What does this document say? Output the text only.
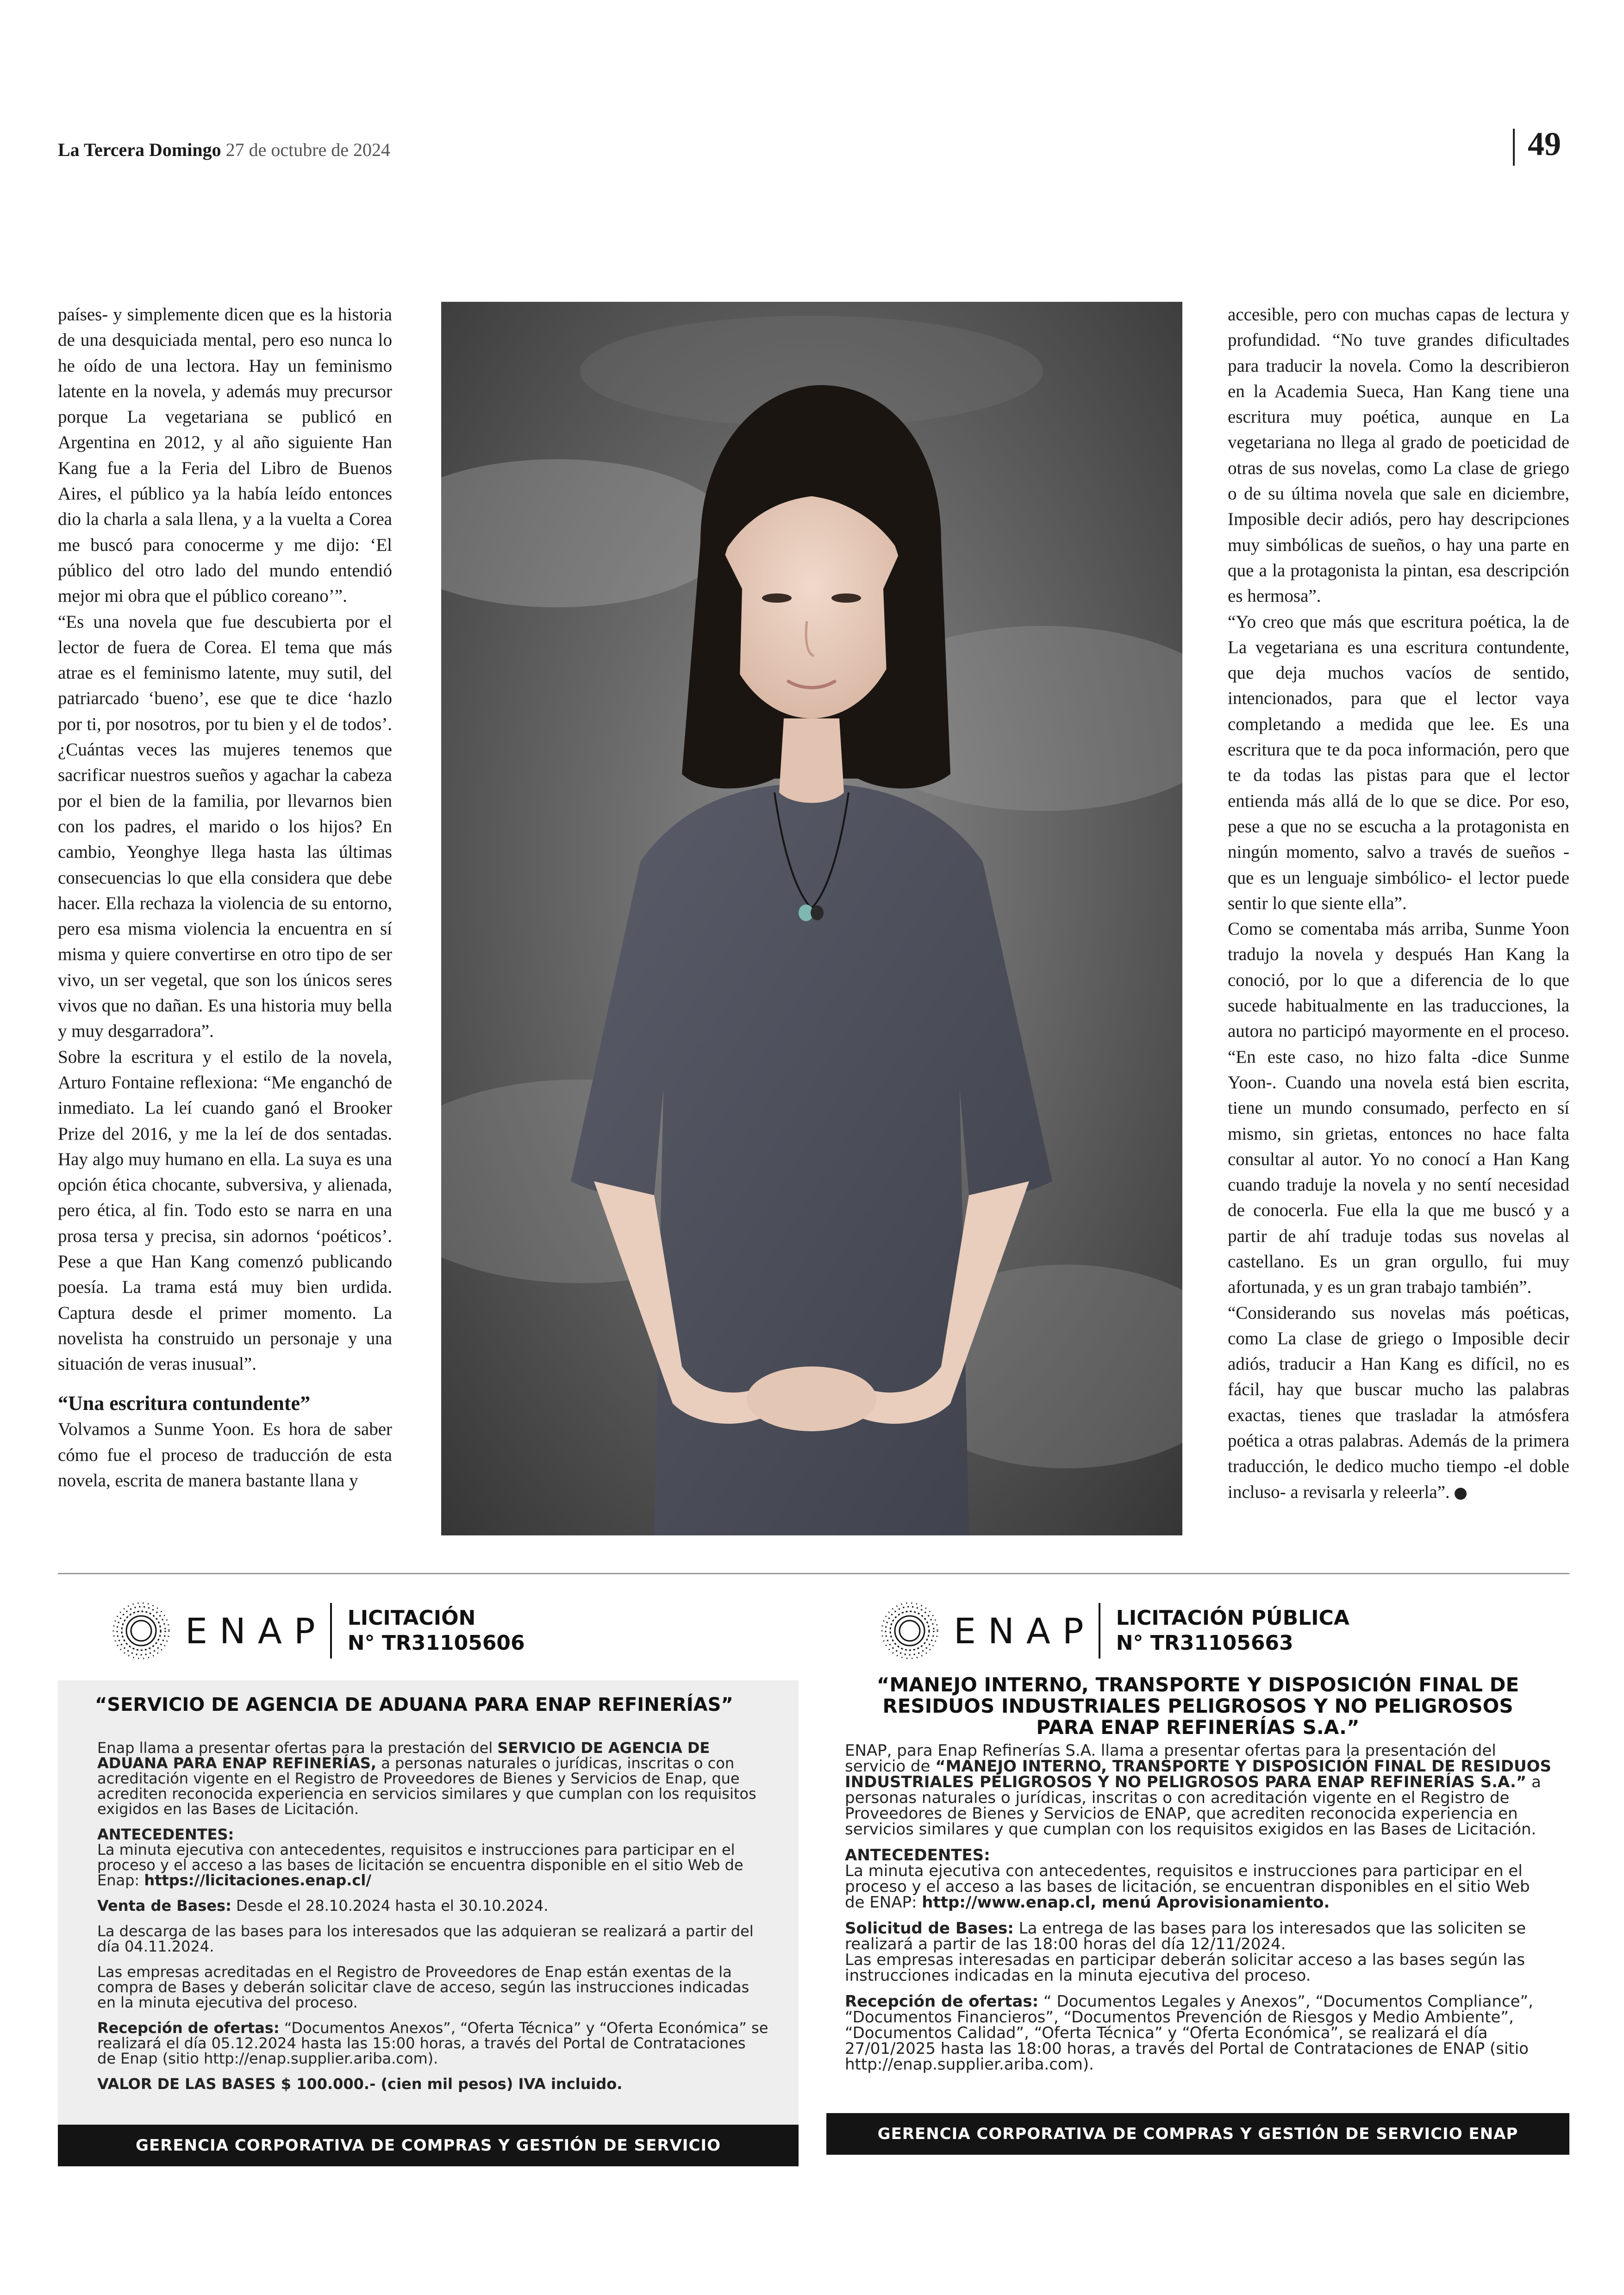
La Tercera Domingo 27 de octubre de 2024	49

países- y simplemente dicen que es la historia de una desquiciada mental, pero eso nunca lo he oído de una lectora. Hay un feminismo latente en la novela, y además muy precursor porque La vegetariana se publicó en Argentina en 2012, y al año siguiente Han Kang fue a la Feria del Libro de Buenos Aires, el público ya la había leído entonces dio la charla a sala llena, y a la vuelta a Corea me buscó para conocerme y me dijo: ‘El público del otro lado del mundo entendió mejor mi obra que el público coreano’”.

“Es una novela que fue descubierta por el lector de fuera de Corea. El tema que más atrae es el feminismo latente, muy sutil, del patriarcado ‘bueno’, ese que te dice ‘hazlo por ti, por nosotros, por tu bien y el de todos’. ¿Cuántas veces las mujeres tenemos que sacrificar nuestros sueños y agachar la cabeza por el bien de la familia, por llevarnos bien con los padres, el marido o los hijos? En cambio, Yeonghye llega hasta las últimas consecuencias lo que ella considera que debe hacer. Ella rechaza la violencia de su entorno, pero esa misma violencia la encuentra en sí misma y quiere convertirse en otro tipo de ser vivo, un ser vegetal, que son los únicos seres vivos que no dañan. Es una historia muy bella y muy desgarradora”.

Sobre la escritura y el estilo de la novela, Arturo Fontaine reflexiona: “Me enganchó de inmediato. La leí cuando ganó el Brooker Prize del 2016, y me la leí de dos sentadas. Hay algo muy humano en ella. La suya es una opción ética chocante, subversiva, y alienada, pero ética, al fin. Todo esto se narra en una prosa tersa y precisa, sin adornos ‘poéticos’. Pese a que Han Kang comenzó publicando poesía. La trama está muy bien urdida. Captura desde el primer momento. La novelista ha construido un personaje y una situación de veras inusual”.

“Una escritura contundente”

Volvamos a Sunme Yoon. Es hora de saber cómo fue el proceso de traducción de esta novela, escrita de manera bastante llana y

accesible, pero con muchas capas de lectura y profundidad. “No tuve grandes dificultades para traducir la novela. Como la describieron en la Academia Sueca, Han Kang tiene una escritura muy poética, aunque en La vegetariana no llega al grado de poeticidad de otras de sus novelas, como La clase de griego o de su última novela que sale en diciembre, Imposible decir adiós, pero hay descripciones muy simbólicas de sueños, o hay una parte en que a la protagonista la pintan, esa descripción es hermosa”.

“Yo creo que más que escritura poética, la de La vegetariana es una escritura contundente, que deja muchos vacíos de sentido, intencionados, para que el lector vaya completando a medida que lee. Es una escritura que te da poca información, pero que te da todas las pistas para que el lector entienda más allá de lo que se dice. Por eso, pese a que no se escucha a la protagonista en ningún momento, salvo a través de sueños -que es un lenguaje simbólico- el lector puede sentir lo que siente ella”.

Como se comentaba más arriba, Sunme Yoon tradujo la novela y después Han Kang la conoció, por lo que a diferencia de lo que sucede habitualmente en las traducciones, la autora no participó mayormente en el proceso. “En este caso, no hizo falta -dice Sunme Yoon-. Cuando una novela está bien escrita, tiene un mundo consumado, perfecto en sí mismo, sin grietas, entonces no hace falta consultar al autor. Yo no conocí a Han Kang cuando traduje la novela y no sentí necesidad de conocerla. Fue ella la que me buscó y a partir de ahí traduje todas sus novelas al castellano. Es un gran orgullo, fui muy afortunada, y es un gran trabajo también”.

“Considerando sus novelas más poéticas, como La clase de griego o Imposible decir adiós, traducir a Han Kang es difícil, no es fácil, hay que buscar mucho las palabras exactas, tienes que trasladar la atmósfera poética a otras palabras. Además de la primera traducción, le dedico mucho tiempo -el doble incluso- a revisarla y releerla”.

ENAP LICITACIÓN
N° TR31105606
“SERVICIO DE AGENCIA DE ADUANA PARA ENAP REFINERÍAS”

Enap llama a presentar ofertas para la prestación del SERVICIO DE AGENCIA DE ADUANA PARA ENAP REFINERÍAS, a personas naturales o jurídicas, inscritas o con acreditación vigente en el Registro de Proveedores de Bienes y Servicios de Enap, que acrediten reconocida experiencia en servicios similares y que cumplan con los requisitos exigidos en las Bases de Licitación.

ANTECEDENTES:
La minuta ejecutiva con antecedentes, requisitos e instrucciones para participar en el proceso y el acceso a las bases de licitación se encuentra disponible en el sitio Web de Enap: https://licitaciones.enap.cl/

Venta de Bases: Desde el 28.10.2024 hasta el 30.10.2024.

La descarga de las bases para los interesados que las adquieran se realizará a partir del día 04.11.2024.

Las empresas acreditadas en el Registro de Proveedores de Enap están exentas de la compra de Bases y deberán solicitar clave de acceso, según las instrucciones indicadas en la minuta ejecutiva del proceso.

Recepción de ofertas: “Documentos Anexos”, “Oferta Técnica” y “Oferta Económica” se realizará el día 05.12.2024 hasta las 15:00 horas, a través del Portal de Contrataciones de Enap (sitio http://enap.supplier.ariba.com).

VALOR DE LAS BASES $ 100.000.- (cien mil pesos) IVA incluido.

GERENCIA CORPORATIVA DE COMPRAS Y GESTIÓN DE SERVICIO
ENAP LICITACIÓN PÚBLICA
N° TR31105663
“MANEJO INTERNO, TRANSPORTE Y DISPOSICIÓN FINAL DE RESIDUOS INDUSTRIALES PELIGROSOS Y NO PELIGROSOS PARA ENAP REFINERÍAS S.A.”

ENAP, para Enap Refinerías S.A. llama a presentar ofertas para la presentación del servicio de “MANEJO INTERNO, TRANSPORTE Y DISPOSICIÓN FINAL DE RESIDUOS INDUSTRIALES PELIGROSOS Y NO PELIGROSOS PARA ENAP REFINERÍAS S.A.” a personas naturales o jurídicas, inscritas o con acreditación vigente en el Registro de Proveedores de Bienes y Servicios de ENAP, que acrediten reconocida experiencia en servicios similares y que cumplan con los requisitos exigidos en las Bases de Licitación.

ANTECEDENTES:
La minuta ejecutiva con antecedentes, requisitos e instrucciones para participar en el proceso y el acceso a las bases de licitación, se encuentran disponibles en el sitio Web de ENAP: http://www.enap.cl, menú Aprovisionamiento.

Solicitud de Bases: La entrega de las bases para los interesados que las soliciten se realizará a partir de las 18:00 horas del día 12/11/2024.
Las empresas interesadas en participar deberán solicitar acceso a las bases según las instrucciones indicadas en la minuta ejecutiva del proceso.

Recepción de ofertas: “ Documentos Legales y Anexos”, “Documentos Compliance”, “Documentos Financieros”, “Documentos Prevención de Riesgos y Medio Ambiente”, “Documentos Calidad”, “Oferta Técnica” y “Oferta Económica”, se realizará el día 27/01/2025 hasta las 18:00 horas, a través del Portal de Contrataciones de ENAP (sitio http://enap.supplier.ariba.com).

GERENCIA CORPORATIVA DE COMPRAS Y GESTIÓN DE SERVICIO ENAP
